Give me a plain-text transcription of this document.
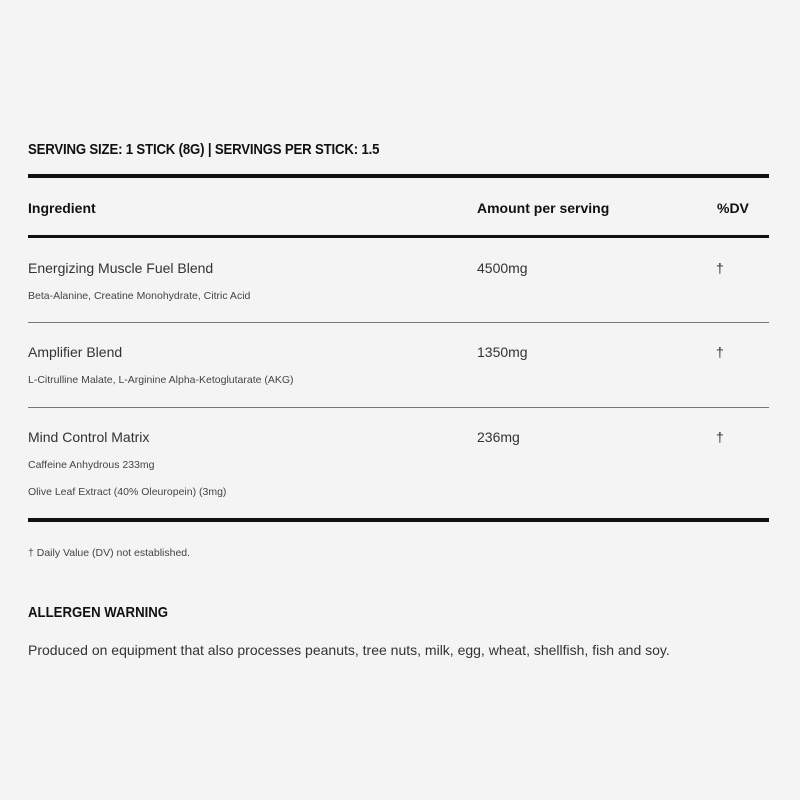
SERVING SIZE: 1 STICK (8G) | SERVINGS PER STICK: 1.5
Ingredient	Amount per serving	%DV
Energizing Muscle Fuel Blend	4500mg	†
Beta-Alanine, Creatine Monohydrate, Citric Acid
Amplifier Blend	1350mg	†
L-Citrulline Malate, L-Arginine Alpha-Ketoglutarate (AKG)
Mind Control Matrix	236mg	†
Caffeine Anhydrous 233mg
Olive Leaf Extract (40% Oleuropein) (3mg)
† Daily Value (DV) not established.
ALLERGEN WARNING
Produced on equipment that also processes peanuts, tree nuts, milk, egg, wheat, shellfish, fish and soy.
